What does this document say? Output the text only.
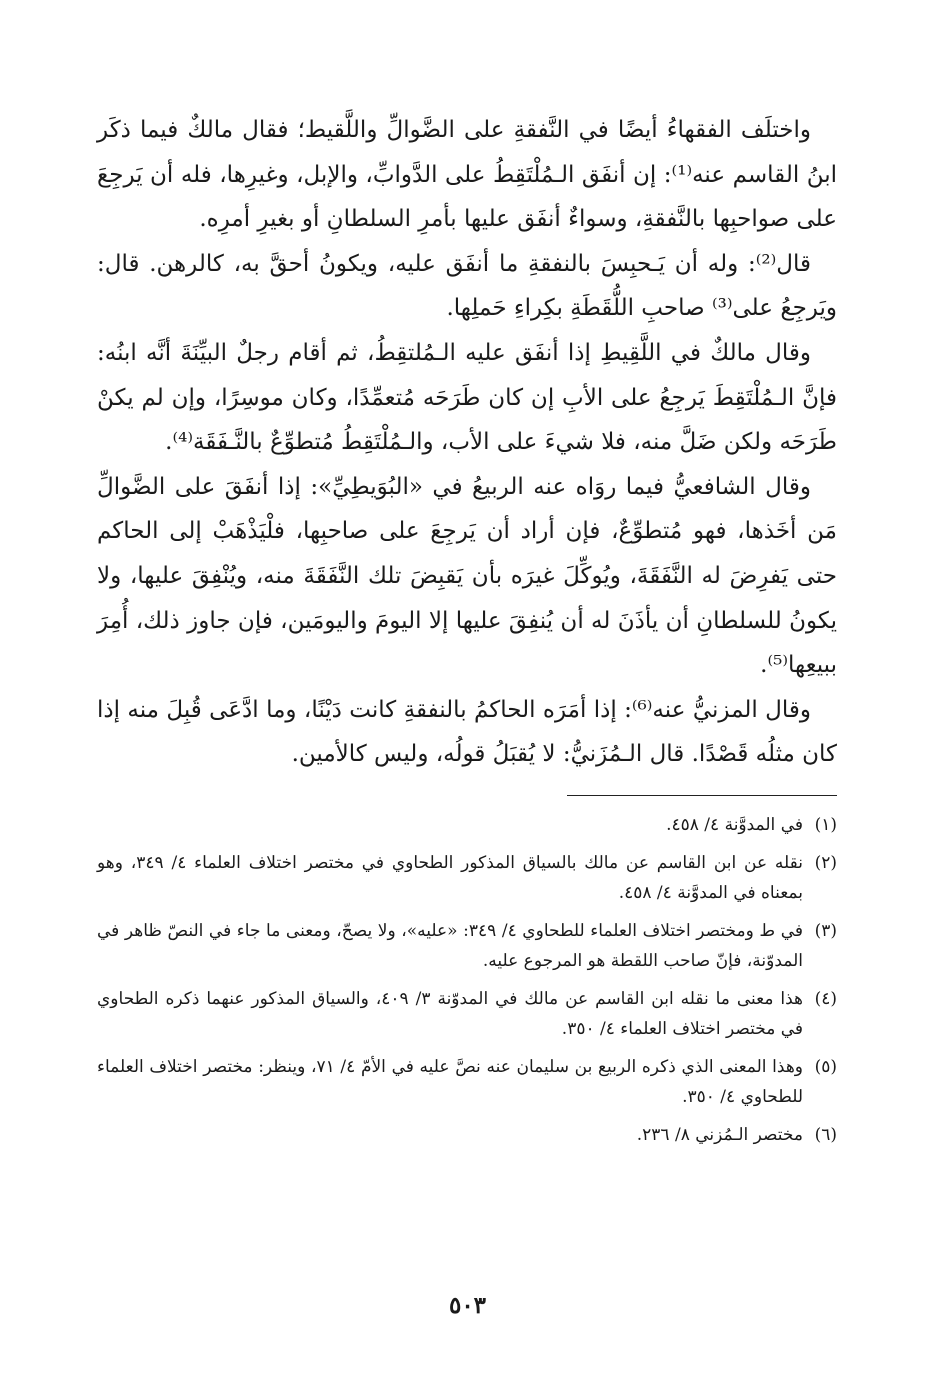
واختلَف الفقهاءُ أيضًا في النَّفقةِ على الضَّوالِّ واللَّقيط؛ فقال مالكٌ فيما ذكَر ابنُ القاسم عنه⁽¹⁾: إن أنفَق الـمُلْتَقِطُ على الدَّوابِّ، والإبل، وغيرِها، فله أن يَرجِعَ على صواحبِها بالنَّفقةِ، وسواءٌ أنفَق عليها بأمرِ السلطانِ أو بغيرِ أمرِه.

قال⁽²⁾: وله أن يَـحبِسَ بالنفقةِ ما أنفَق عليه، ويكونُ أحقَّ به، كالرهن. قال: ويَرجِعُ على⁽³⁾ صاحبِ اللُّقَطَةِ بكِراءِ حَملِها.

وقال مالكٌ في اللَّقِيطِ إذا أنفَق عليه الـمُلتقِطُ، ثم أقام رجلٌ البيِّنَةَ أنَّه ابنُه: فإنَّ الـمُلْتَقِطَ يَرجِعُ على الأبِ إن كان طَرَحَه مُتعمِّدًا، وكان موسِرًا، وإن لم يكنْ طَرَحَه ولكن ضَلَّ منه، فلا شيءَ على الأب، والـمُلْتَقِطُ مُتطوِّعٌ بالنَّـفَقَة⁽⁴⁾.

وقال الشافعيُّ فيما روَاه عنه الربيعُ في «البُوَيطِيِّ»: إذا أنفَقَ على الضَّوالِّ مَن أخَذها، فهو مُتطوِّعٌ، فإن أراد أن يَرجِعَ على صاحبِها، فلْيَذْهَبْ إلى الحاكم حتى يَفرِضَ له النَّفَقَةَ، ويُوكِّلَ غيرَه بأن يَقبِضَ تلك النَّفَقَةَ منه، ويُنْفِقَ عليها، ولا يكونُ للسلطانِ أن يأذَنَ له أن يُنفِقَ عليها إلا اليومَ واليومَين، فإن جاوز ذلك، أُمِرَ ببيعِها⁽⁵⁾.

وقال المزنيُّ عنه⁽⁶⁾: إذا أمَرَه الحاكمُ بالنفقةِ كانت دَيْنًا، وما ادَّعَى قُبِلَ منه إذا كان مثلُه قَصْدًا. قال الـمُزَنيُّ: لا يُقبَلُ قولُه، وليس كالأمين.

(١)
في المدوَّنة ٤/ ٤٥٨.
(٢)
نقله عن ابن القاسم عن مالك بالسياق المذكور الطحاوي في مختصر اختلاف العلماء ٤/ ٣٤٩، وهو بمعناه في المدوَّنة ٤/ ٤٥٨.
(٣)
في ط ومختصر اختلاف العلماء للطحاوي ٤/ ٣٤٩: «عليه»، ولا يصحّ، ومعنى ما جاء في النصّ ظاهر في المدوّنة، فإنّ صاحب اللقطة هو المرجوع عليه.
(٤)
هذا معنى ما نقله ابن القاسم عن مالك في المدوّنة ٣/ ٤٠٩، والسياق المذكور عنهما ذكره الطحاوي في مختصر اختلاف العلماء ٤/ ٣٥٠.
(٥)
وهذا المعنى الذي ذكره الربيع بن سليمان عنه نصَّ عليه في الأمّ ٤/ ٧١، وينظر: مختصر اختلاف العلماء للطحاوي ٤/ ٣٥٠.
(٦)
مختصر الـمُزني ٨/ ٢٣٦.
٥٠٣
